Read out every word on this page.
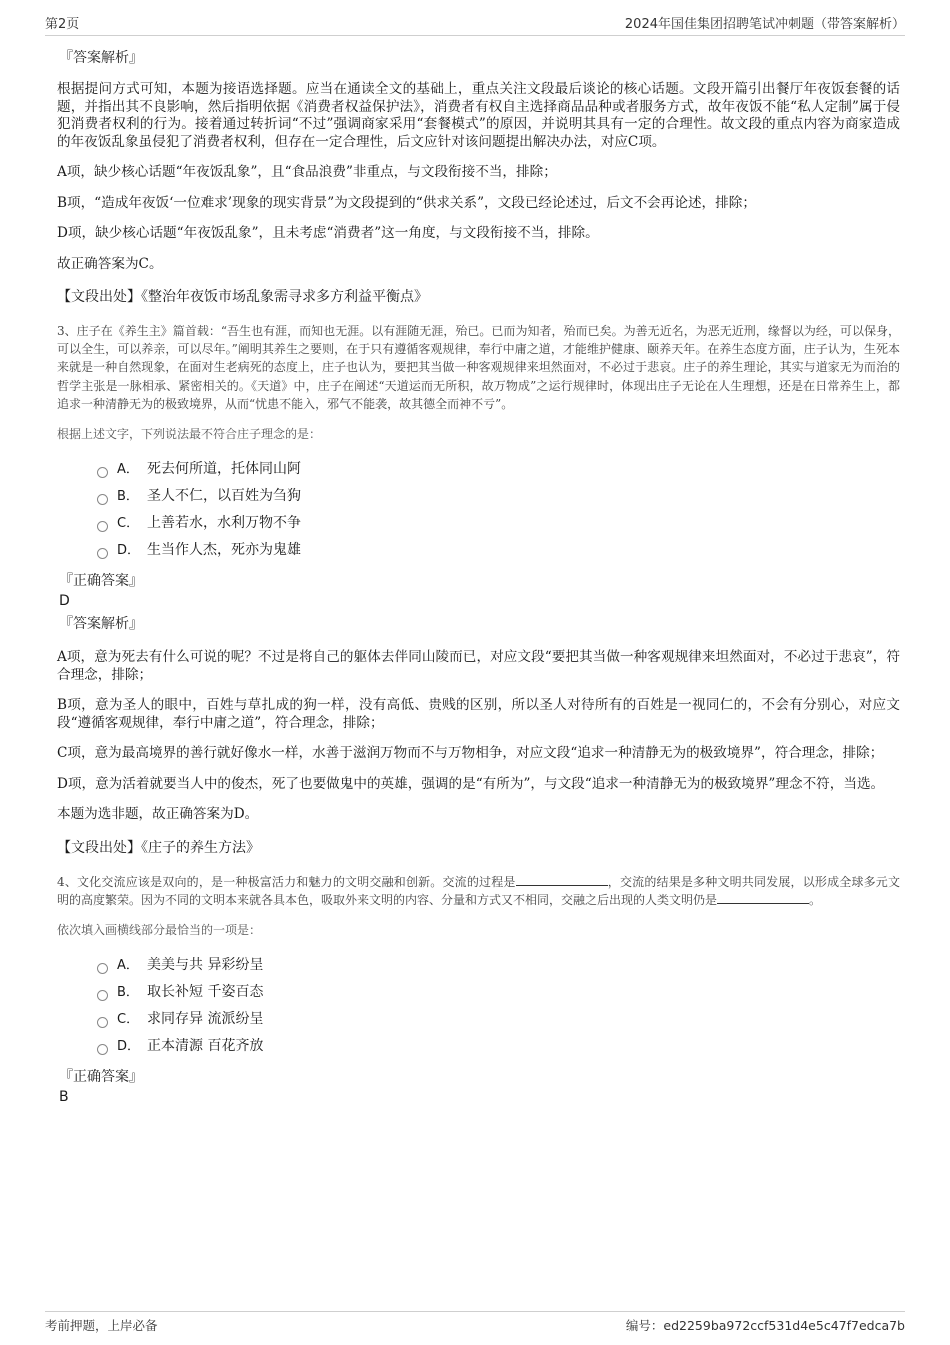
第2页	2024年国佳集团招聘笔试冲刺题（带答案解析）
『答案解析』

根据提问方式可知，本题为接语选择题。应当在通读全文的基础上，重点关注文段最后谈论的核心话题。文段开篇引出餐厅年夜饭套餐的话题，并指出其不良影响，然后指明依据《消费者权益保护法》，消费者有权自主选择商品品种或者服务方式，故年夜饭不能“私人定制”属于侵犯消费者权利的行为。接着通过转折词“不过”强调商家采用“套餐模式”的原因，并说明其具有一定的合理性。故文段的重点内容为商家造成的年夜饭乱象虽侵犯了消费者权利，但存在一定合理性，后文应针对该问题提出解决办法，对应C项。

A项，缺少核心话题“年夜饭乱象”，且“食品浪费”非重点，与文段衔接不当，排除；

B项，“造成年夜饭‘一位难求’现象的现实背景”为文段提到的“供求关系”，文段已经论述过，后文不会再论述，排除；

D项，缺少核心话题“年夜饭乱象”，且未考虑“消费者”这一角度，与文段衔接不当，排除。

故正确答案为C。

【文段出处】《整治年夜饭市场乱象需寻求多方利益平衡点》

3、庄子在《养生主》篇首载：“吾生也有涯，而知也无涯。以有涯随无涯，殆已。已而为知者，殆而已矣。为善无近名，为恶无近刑，缘督以为经，可以保身，可以全生，可以养亲，可以尽年。”阐明其养生之要则，在于只有遵循客观规律，奉行中庸之道，才能维护健康、颐养天年。在养生态度方面，庄子认为，生死本来就是一种自然现象，在面对生老病死的态度上，庄子也认为，要把其当做一种客观规律来坦然面对，不必过于悲哀。庄子的养生理论，其实与道家无为而治的哲学主张是一脉相承、紧密相关的。《天道》中，庄子在阐述“天道运而无所积，故万物成”之运行规律时，体现出庄子无论在人生理想，还是在日常养生上，都追求一种清静无为的极致境界，从而“忧患不能入，邪气不能袭，故其德全而神不亏”。

根据上述文字，下列说法最不符合庄子理念的是：

A． 死去何所道，托体同山阿
B． 圣人不仁，以百姓为刍狗
C． 上善若水，水利万物不争
D． 生当作人杰，死亦为鬼雄
『正确答案』
D
『答案解析』

A项，意为死去有什么可说的呢？不过是将自己的躯体去伴同山陵而已，对应文段“要把其当做一种客观规律来坦然面对，不必过于悲哀”，符合理念，排除；

B项，意为圣人的眼中，百姓与草扎成的狗一样，没有高低、贵贱的区别，所以圣人对待所有的百姓是一视同仁的，不会有分别心，对应文段“遵循客观规律，奉行中庸之道”，符合理念，排除；

C项，意为最高境界的善行就好像水一样，水善于滋润万物而不与万物相争，对应文段“追求一种清静无为的极致境界”，符合理念，排除；

D项，意为活着就要当人中的俊杰，死了也要做鬼中的英雄，强调的是“有所为”，与文段“追求一种清静无为的极致境界”理念不符，当选。

本题为选非题，故正确答案为D。

【文段出处】《庄子的养生方法》

4、文化交流应该是双向的，是一种极富活力和魅力的文明交融和创新。交流的过程是	，交流的结果是多种文明共同发展，以形成全球多元文明的高度繁荣。因为不同的文明本来就各具本色，吸取外来文明的内容、分量和方式又不相同，交融之后出现的人类文明仍是	。

依次填入画横线部分最恰当的一项是：

A． 美美与共 异彩纷呈
B． 取长补短 千姿百态
C． 求同存异 流派纷呈
D． 正本清源 百花齐放
『正确答案』
B
考前押题，上岸必备	编号：ed2259ba972ccf531d4e5c47f7edca7b
